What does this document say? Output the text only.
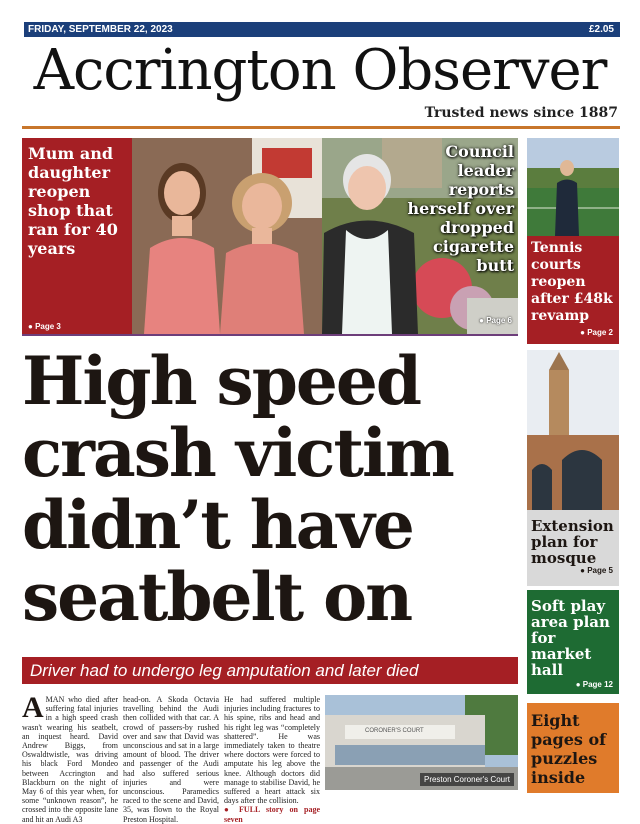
FRIDAY, SEPTEMBER 22, 2023	£2.05
Accrington Observer
Trusted news since 1887
Mum and daughter reopen shop that ran for 40 years
● Page 3
Council leader reports herself over dropped cigarette butt
● Page 6
Tennis courts reopen after £48k revamp
● Page 2
High speed crash victim didn’t have seatbelt on
Driver had to undergo leg amputation and later died
AMAN who died after suffering fatal injuries in a high speed crash wasn't wearing his seatbelt, an inquest heard. David Andrew Biggs, from Oswaldtwistle, was driving his black Ford Mondeo between Accrington and Blackburn on the night of May 6 of this year when, for some “unknown reason”, he crossed into the opposite lane and hit an Audi A3
head-on. A Skoda Octavia travelling behind the Audi then collided with that car. A crowd of passers-by rushed over and saw that David was unconscious and sat in a large amount of blood. The driver and passenger of the Audi had also suffered serious injuries and were unconscious. Paramedics raced to the scene and David, 35, was flown to the Royal Preston Hospital.
He had suffered multiple injuries including fractures to his spine, ribs and head and his right leg was “completely shattered”. He was immediately taken to theatre where doctors were forced to amputate his leg above the knee. Although doctors did manage to stabilise David, he suffered a heart attack six days after the collision.
● FULL story on page seven
CORONER'S COURT
Preston Coroner's Court
Extension plan for mosque
● Page 5
Soft play area plan for market hall
● Page 12
Eight pages of puzzles inside
